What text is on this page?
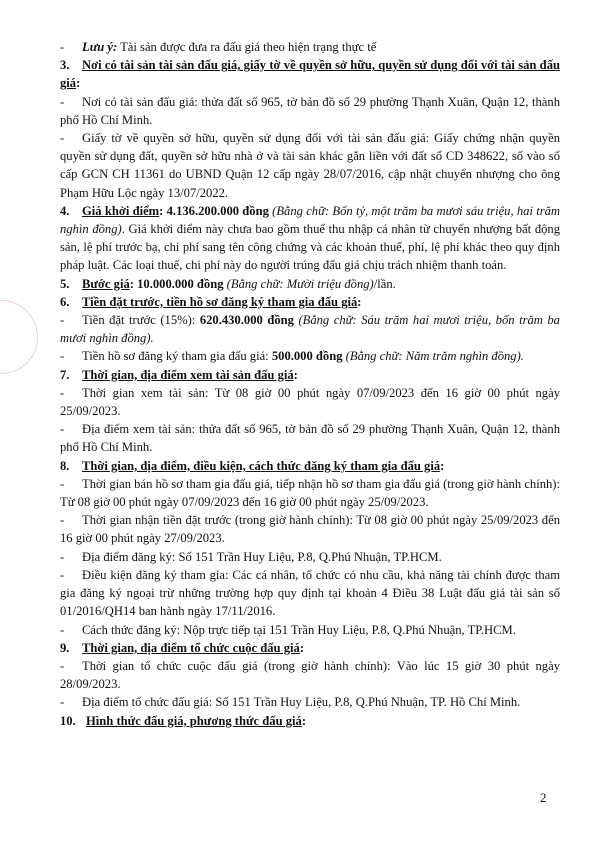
- Lưu ý: Tài sản được đưa ra đấu giá theo hiện trạng thực tế

3. Nơi có tài sản tài sản đấu giá, giấy tờ về quyền sở hữu, quyền sử dụng đối với tài sản đấu giá:

- Nơi có tài sản đấu giá: thửa đất số 965, tờ bản đồ số 29 phường Thạnh Xuân, Quận 12, thành phố Hồ Chí Minh.

- Giấy tờ về quyền sở hữu, quyền sử dụng đối với tài sản đấu giá: Giấy chứng nhận quyền quyền sử dụng đất, quyền sở hữu nhà ở và tài sản khác gắn liền với đất số CD 348622, số vào sổ cấp GCN CH 11361 do UBND Quận 12 cấp ngày 28/07/2016, cập nhật chuyển nhượng cho ông Phạm Hữu Lộc ngày 13/07/2022.

4. Giá khởi điểm: 4.136.200.000 đồng (Bằng chữ: Bốn tỷ, một trăm ba mươi sáu triệu, hai trăm nghìn đồng). Giá khởi điểm này chưa bao gồm thuế thu nhập cá nhân từ chuyển nhượng bất động sản, lệ phí trước bạ, chi phí sang tên công chứng và các khoản thuế, phí, lệ phí khác theo quy định pháp luật. Các loại thuế, chi phí này do người trúng đấu giá chịu trách nhiệm thanh toán.

5. Bước giá: 10.000.000 đồng (Bằng chữ: Mười triệu đồng)/lần.

6. Tiền đặt trước, tiền hồ sơ đăng ký tham gia đấu giá:

- Tiền đặt trước (15%): 620.430.000 đồng (Bằng chữ: Sáu trăm hai mươi triệu, bốn trăm ba mươi nghìn đồng).

- Tiền hồ sơ đăng ký tham gia đấu giá: 500.000 đồng (Bằng chữ: Năm trăm nghìn đồng).

7. Thời gian, địa điểm xem tài sản đấu giá:

- Thời gian xem tài sản: Từ 08 giờ 00 phút ngày 07/09/2023 đến 16 giờ 00 phút ngày 25/09/2023.

- Địa điểm xem tài sản: thửa đất số 965, tờ bản đồ số 29 phường Thạnh Xuân, Quận 12, thành phố Hồ Chí Minh.

8. Thời gian, địa điểm, điều kiện, cách thức đăng ký tham gia đấu giá:

- Thời gian bán hồ sơ tham gia đấu giá, tiếp nhận hồ sơ tham gia đấu giá (trong giờ hành chính): Từ 08 giờ 00 phút ngày 07/09/2023 đến 16 giờ 00 phút ngày 25/09/2023.

- Thời gian nhận tiền đặt trước (trong giờ hành chính): Từ 08 giờ 00 phút ngày 25/09/2023 đến 16 giờ 00 phút ngày 27/09/2023.

- Địa điểm đăng ký: Số 151 Trần Huy Liệu, P.8, Q.Phú Nhuận, TP.HCM.

- Điều kiện đăng ký tham gia: Các cá nhân, tổ chức có nhu cầu, khả năng tài chính được tham gia đăng ký ngoại trừ những trường hợp quy định tại khoản 4 Điều 38 Luật đấu giá tài sản số 01/2016/QH14 ban hành ngày 17/11/2016.

- Cách thức đăng ký: Nộp trực tiếp tại 151 Trần Huy Liệu, P.8, Q.Phú Nhuận, TP.HCM.

9. Thời gian, địa điểm tổ chức cuộc đấu giá:

- Thời gian tổ chức cuộc đấu giá (trong giờ hành chính): Vào lúc 15 giờ 30 phút ngày 28/09/2023.

- Địa điểm tổ chức đấu giá: Số 151 Trần Huy Liệu, P.8, Q.Phú Nhuận, TP. Hồ Chí Minh.

10. Hình thức đấu giá, phương thức đấu giá:

2
